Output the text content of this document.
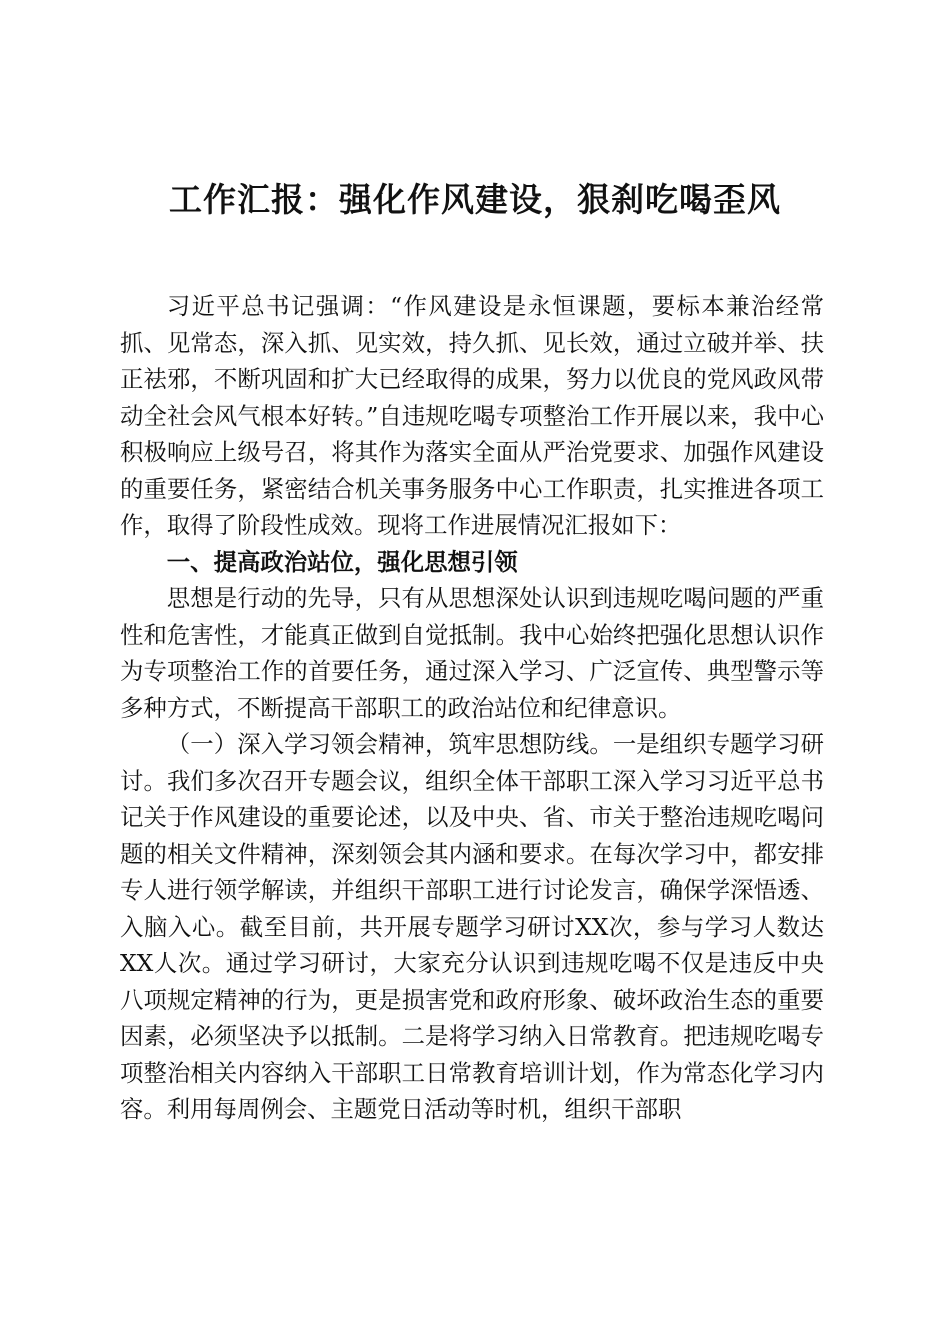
工作汇报：强化作风建设，狠刹吃喝歪风

习近平总书记强调：“作风建设是永恒课题，要标本兼治经常抓、见常态，深入抓、见实效，持久抓、见长效，通过立破并举、扶正祛邪，不断巩固和扩大已经取得的成果，努力以优良的党风政风带动全社会风气根本好转。”自违规吃喝专项整治工作开展以来，我中心积极响应上级号召，将其作为落实全面从严治党要求、加强作风建设的重要任务，紧密结合机关事务服务中心工作职责，扎实推进各项工作，取得了阶段性成效。现将工作进展情况汇报如下：

一、提高政治站位，强化思想引领

思想是行动的先导，只有从思想深处认识到违规吃喝问题的严重性和危害性，才能真正做到自觉抵制。我中心始终把强化思想认识作为专项整治工作的首要任务，通过深入学习、广泛宣传、典型警示等多种方式，不断提高干部职工的政治站位和纪律意识。

（一）深入学习领会精神，筑牢思想防线。一是组织专题学习研讨。我们多次召开专题会议，组织全体干部职工深入学习习近平总书记关于作风建设的重要论述，以及中央、省、市关于整治违规吃喝问题的相关文件精神，深刻领会其内涵和要求。在每次学习中，都安排专人进行领学解读，并组织干部职工进行讨论发言，确保学深悟透、入脑入心。截至目前，共开展专题学习研讨XX次，参与学习人数达XX人次。通过学习研讨，大家充分认识到违规吃喝不仅是违反中央八项规定精神的行为，更是损害党和政府形象、破坏政治生态的重要因素，必须坚决予以抵制。二是将学习纳入日常教育。把违规吃喝专项整治相关内容纳入干部职工日常教育培训计划，作为常态化学习内容。利用每周例会、主题党日活动等时机，组织干部职
